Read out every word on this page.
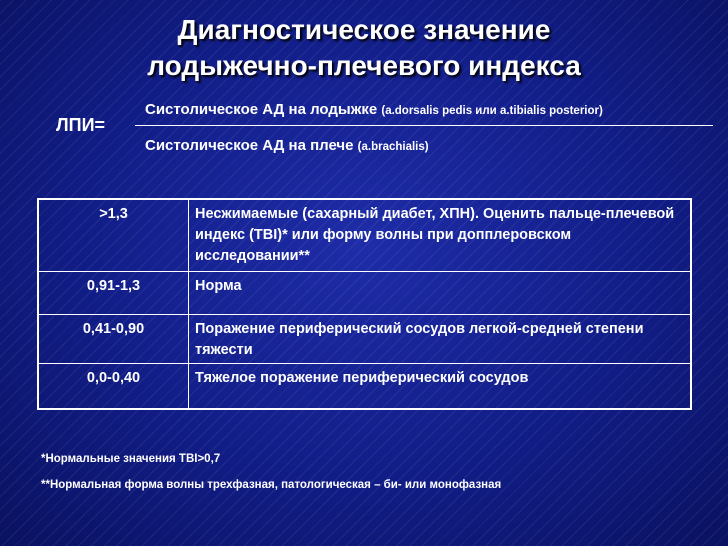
Диагностическое значение
лодыжечно-плечевого индекса
ЛПИ=
Систолическое АД на лодыжке (a.dorsalis pedis или a.tibialis posterior)
Систолическое АД на плече (a.brachialis)
>1,3	Несжимаемые (сахарный диабет, ХПН). Оценить пальце-плечевой индекс (TBI)* или форму волны при допплеровском исследовании**
0,91-1,3	Норма
0,41-0,90	Поражение периферический сосудов легкой-средней степени тяжести
0,0-0,40	Тяжелое поражение периферический сосудов
*Нормальные значения TBI>0,7
**Нормальная форма волны трехфазная, патологическая – би- или монофазная
